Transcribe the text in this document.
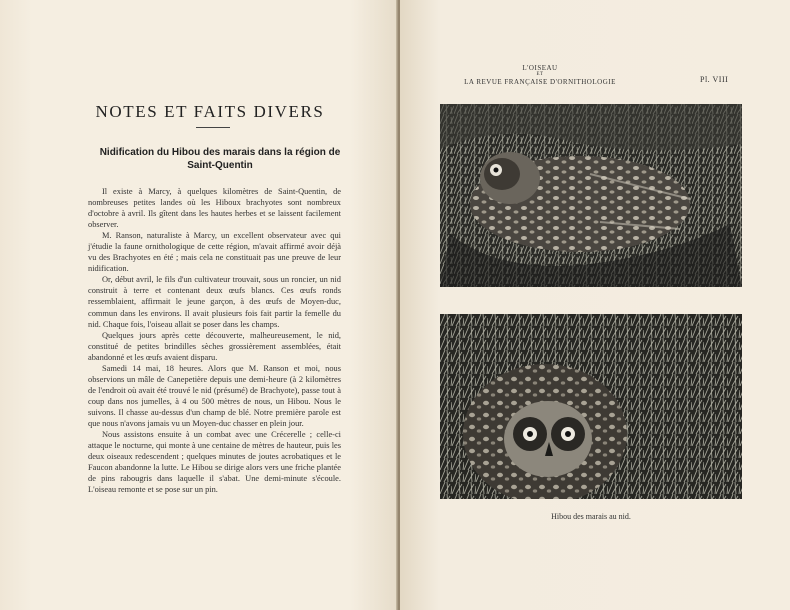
NOTES ET FAITS DIVERS
Nidification du Hibou des marais dans la région de Saint-Quentin

Il existe à Marcy, à quelques kilomètres de Saint-Quentin, de nombreuses petites landes où les Hiboux brachyotes sont nombreux d'octobre à avril. Ils gîtent dans les hautes herbes et se laissent facilement observer.

M. Ranson, naturaliste à Marcy, un excellent observateur avec qui j'étudie la faune ornithologique de cette région, m'avait affirmé avoir déjà vu des Brachyotes en été ; mais cela ne constituait pas une preuve de leur nidification.

Or, début avril, le fils d'un cultivateur trouvait, sous un roncier, un nid construit à terre et contenant deux œufs blancs. Ces œufs ronds ressemblaient, affirmait le jeune garçon, à des œufs de Moyen-duc, commun dans les environs. Il avait plusieurs fois fait partir la femelle du nid. Chaque fois, l'oiseau allait se poser dans les champs.

Quelques jours après cette découverte, malheureusement, le nid, constitué de petites brindilles sèches grossièrement assemblées, était abandonné et les œufs avaient disparu.

Samedi 14 mai, 18 heures. Alors que M. Ranson et moi, nous observions un mâle de Canepetière depuis une demi-heure (à 2 kilomètres de l'endroit où avait été trouvé le nid (présumé) de Brachyote), passe tout à coup dans nos jumelles, à 4 ou 500 mètres de nous, un Hibou. Nous le suivons. Il chasse au-dessus d'un champ de blé. Notre première parole est que nous n'avons jamais vu un Moyen-duc chasser en plein jour.

Nous assistons ensuite à un combat avec une Crécerelle ; celle-ci attaque le nocturne, qui monte à une centaine de mètres de hauteur, puis les deux oiseaux redescendent ; quelques minutes de joutes acrobatiques et le Faucon abandonne la lutte. Le Hibou se dirige alors vers une friche plantée de pins rabougris dans laquelle il s'abat. Une demi-minute s'écoule. L'oiseau remonte et se pose sur un pin.

L'OISEAU
ET
LA REVUE FRANÇAISE D'ORNITHOLOGIE	Pl. VIII
Hibou des marais au nid.
